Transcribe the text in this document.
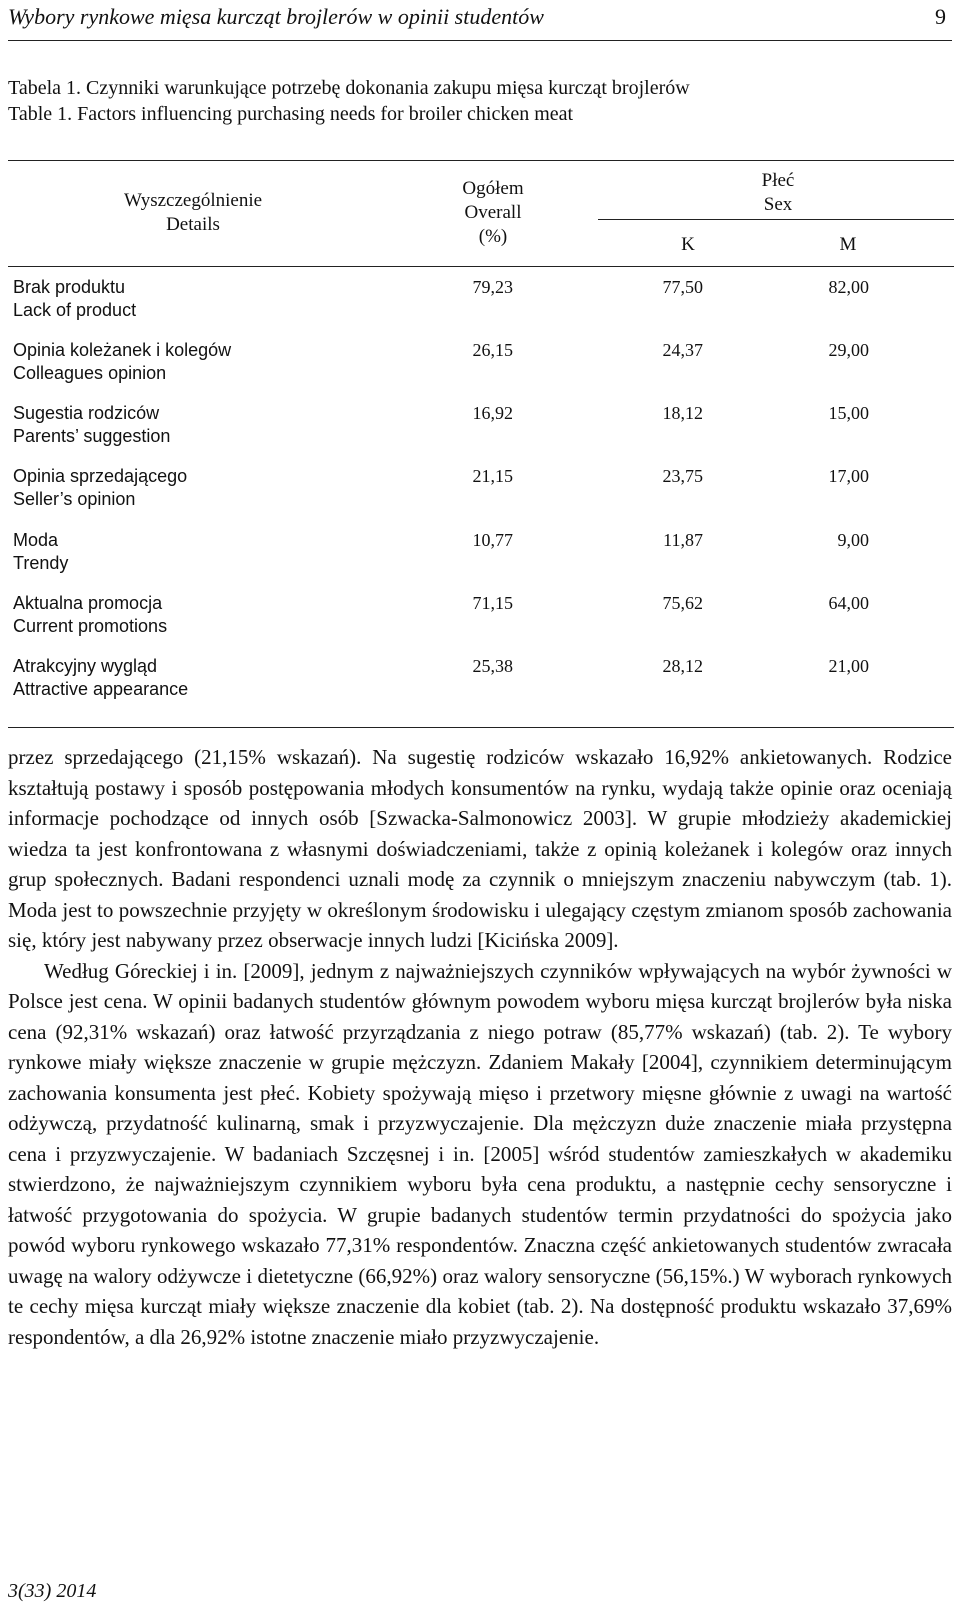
Wybory rynkowe mięsa kurcząt brojlerów w opinii studentów	9
Tabela 1. Czynniki warunkujące potrzebę dokonania zakupu mięsa kurcząt brojlerów
Table 1. Factors influencing purchasing needs for broiler chicken meat
Wyszczególnienie
Details
Ogółem
Overall
(%)
Płeć
Sex
K	M
Brak produktu
Lack of product
79,23	77,50	82,00
Opinia koleżanek i kolegów
Colleagues opinion
26,15	24,37	29,00
Sugestia rodziców
Parents’ suggestion
16,92	18,12	15,00
Opinia sprzedającego
Seller’s opinion
21,15	23,75	17,00
Moda
Trendy
10,77	11,87	9,00
Aktualna promocja
Current promotions
71,15	75,62	64,00
Atrakcyjny wygląd
Attractive appearance
25,38	28,12	21,00

przez sprzedającego (21,15% wskazań). Na sugestię rodziców wskazało 16,92% ankietowanych. Rodzice kształtują postawy i sposób postępowania młodych konsumentów na rynku, wydają także opinie oraz oceniają informacje pochodzące od innych osób [Szwacka-Salmonowicz 2003]. W grupie młodzieży akademickiej wiedza ta jest konfrontowana z własnymi doświadczeniami, także z opinią koleżanek i kolegów oraz innych grup społecznych. Badani respondenci uznali modę za czynnik o mniejszym znaczeniu nabywczym (tab. 1). Moda jest to powszechnie przyjęty w określonym środowisku i ulegający częstym zmianom sposób zachowania się, który jest nabywany przez obserwacje innych ludzi [Kicińska 2009].

Według Góreckiej i in. [2009], jednym z najważniejszych czynników wpływających na wybór żywności w Polsce jest cena. W opinii badanych studentów głównym powodem wyboru mięsa kurcząt brojlerów była niska cena (92,31% wskazań) oraz łatwość przyrządzania z niego potraw (85,77% wskazań) (tab. 2). Te wybory rynkowe miały większe znaczenie w grupie mężczyzn. Zdaniem Makały [2004], czynnikiem determinującym zachowania konsumenta jest płeć. Kobiety spożywają mięso i przetwory mięsne głównie z uwagi na wartość odżywczą, przydatność kulinarną, smak i przyzwyczajenie. Dla mężczyzn duże znaczenie miała przystępna cena i przyzwyczajenie. W badaniach Szczęsnej i in. [2005] wśród studentów zamieszkałych w akademiku stwierdzono, że najważniejszym czynnikiem wyboru była cena produktu, a następnie cechy sensoryczne i łatwość przygotowania do spożycia. W grupie badanych studentów termin przydatności do spożycia jako powód wyboru rynkowego wskazało 77,31% respondentów. Znaczna część ankietowanych studentów zwracała uwagę na walory odżywcze i dietetyczne (66,92%) oraz walory sensoryczne (56,15%.) W wyborach rynkowych te cechy mięsa kurcząt miały większe znaczenie dla kobiet (tab. 2). Na dostępność produktu wskazało 37,69% respondentów, a dla 26,92% istotne znaczenie miało przyzwyczajenie.

3(33) 2014
